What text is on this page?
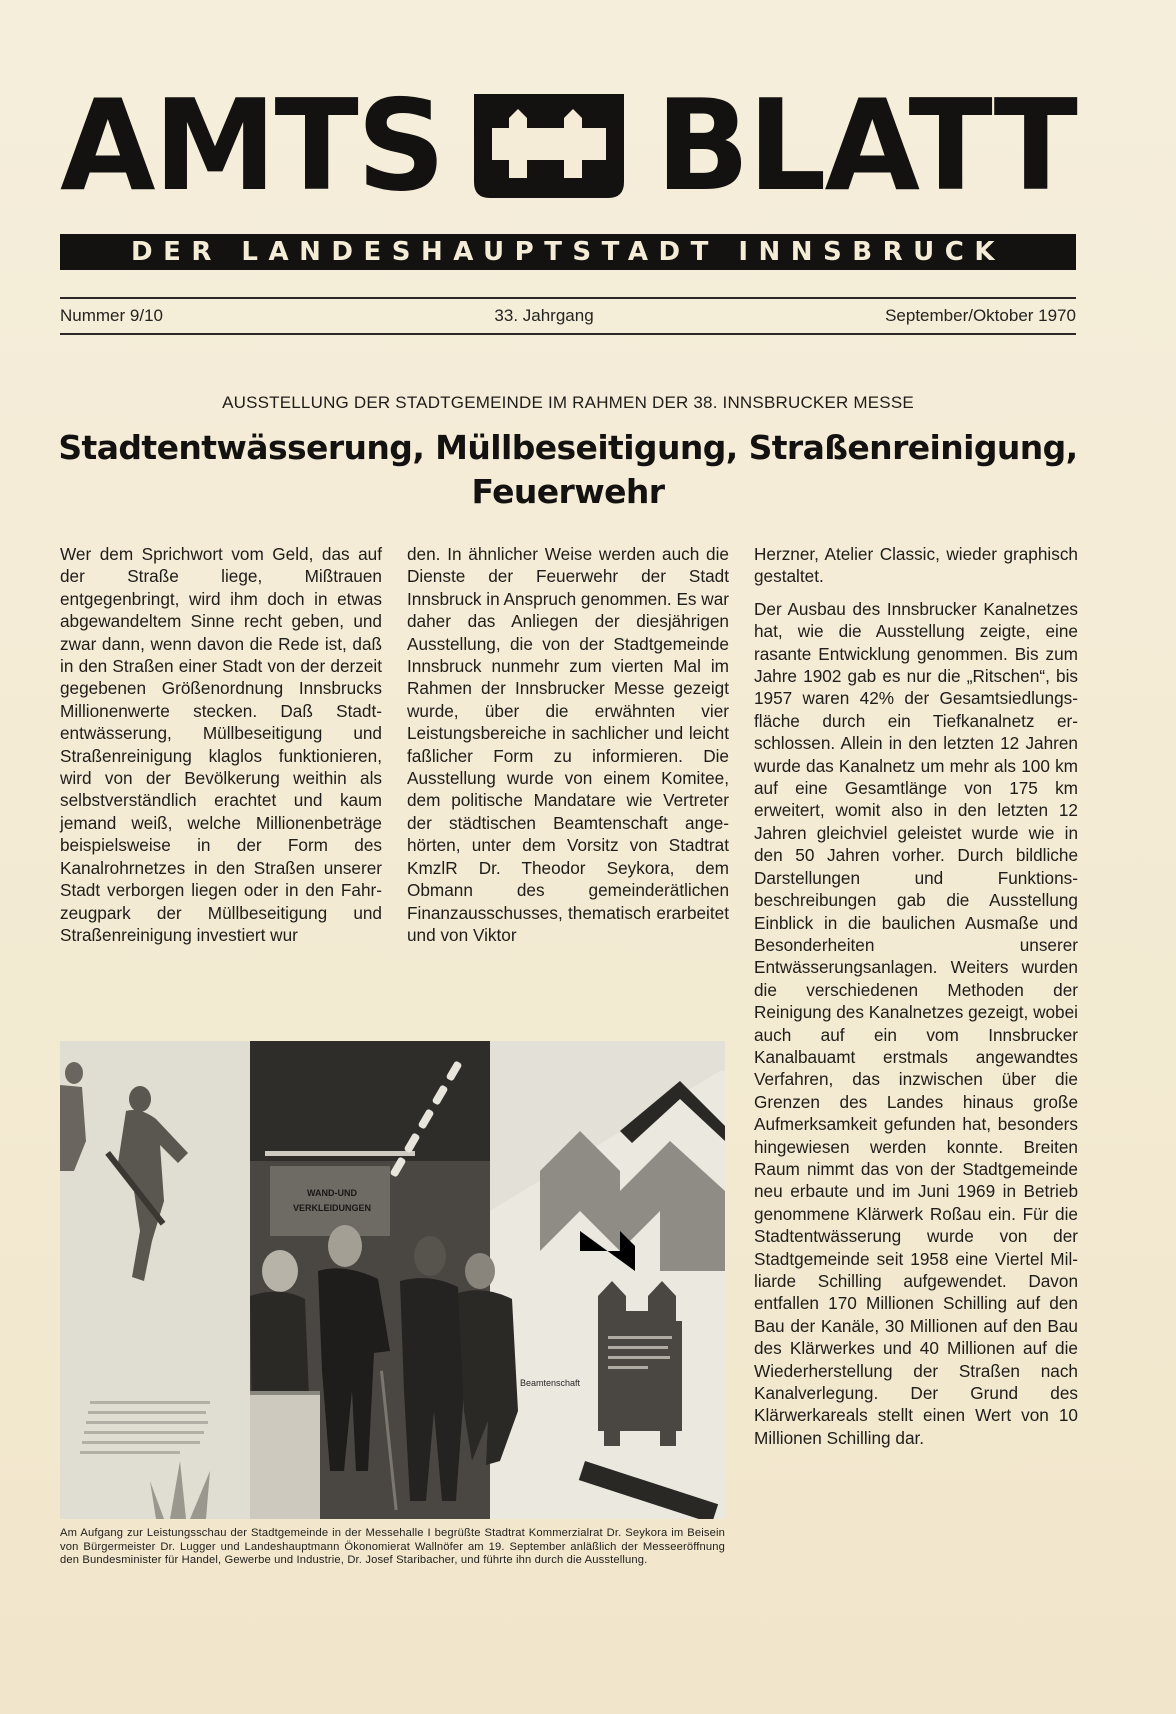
AMTS BLATT
DER LANDESHAUPTSTADT INNSBRUCK
Nummer 9/10	33. Jahrgang	September/Oktober 1970
AUSSTELLUNG DER STADTGEMEINDE IM RAHMEN DER 38. INNSBRUCKER MESSE
Stadtentwässerung, Müllbeseitigung, Straßenreinigung,
Feuerwehr

Wer dem Sprichwort vom Geld, das auf der Straße liege, Mißtrauen entgegenbringt, wird ihm doch in etwas abgewandeltem Sinne recht geben, und zwar dann, wenn davon die Rede ist, daß in den Straßen einer Stadt von der derzeit gegebenen Größenordnung Innsbrucks Millionenwerte stecken. Daß Stadtentwässerung, Müllbeseitigung und Straßenreinigung klaglos funktionieren, wird von der Bevölkerung weithin als selbstverständlich erachtet und kaum jemand weiß, welche Millionenbeträge beispielsweise in der Form des Kanalrohrnetzes in den Straßen unserer Stadt verborgen liegen oder in den Fahrzeugpark der Müllbeseitigung und Straßenreinigung investiert wur

den. In ähnlicher Weise werden auch die Dienste der Feuerwehr der Stadt Innsbruck in Anspruch genommen. Es war daher das Anliegen der diesjährigen Ausstellung, die von der Stadtgemeinde Innsbruck nunmehr zum vierten Mal im Rahmen der Innsbrucker Messe gezeigt wurde, über die erwähnten vier Leistungsbereiche in sachlicher und leicht faßlicher Form zu informieren. Die Ausstellung wurde von einem Komitee, dem politische Mandatare wie Vertreter der städtischen Beamtenschaft angehörten, unter dem Vorsitz von Stadtrat KmzlR Dr. Theodor Seykora, dem Obmann des gemeinderätlichen Finanzausschusses, thematisch erarbeitet und von Viktor

Herzner, Atelier Classic, wieder graphisch gestaltet.

Der Ausbau des Innsbrucker Kanalnetzes hat, wie die Ausstellung zeigte, eine rasante Entwicklung genommen. Bis zum Jahre 1902 gab es nur die „Ritschen“, bis 1957 waren 42% der Gesamtsiedlungsfläche durch ein Tiefkanalnetz erschlossen. Allein in den letzten 12 Jahren wurde das Kanalnetz um mehr als 100 km auf eine Gesamtlänge von 175 km erweitert, womit also in den letzten 12 Jahren gleichviel geleistet wurde wie in den 50 Jahren vorher. Durch bildliche Darstellungen und Funktionsbeschreibungen gab die Ausstellung Einblick in die baulichen Ausmaße und Besonderheiten unserer Entwässerungsanlagen. Weiters wurden die verschiedenen Methoden der Reinigung des Kanalnetzes gezeigt, wobei auch auf ein vom Innsbrucker Kanalbauamt erstmals angewandtes Verfahren, das inzwischen über die Grenzen des Landes hinaus große Aufmerksamkeit gefunden hat, besonders hingewiesen werden konnte. Breiten Raum nimmt das von der Stadtgemeinde neu erbaute und im Juni 1969 in Betrieb genommene Klärwerk Roßau ein. Für die Stadtentwässerung wurde von der Stadtgemeinde seit 1958 eine Viertel Milliarde Schilling aufgewendet. Davon entfallen 170 Millionen Schilling auf den Bau der Kanäle, 30 Millionen auf den Bau des Klärwerkes und 40 Millionen auf die Wiederherstellung der Straßen nach Kanalverlegung. Der Grund des Klärwerkareals stellt einen Wert von 10 Millionen Schilling dar.

WAND-UND
VERKLEIDUNGEN
Beamtenschaft
Am Aufgang zur Leistungsschau der Stadtgemeinde in der Messehalle I begrüßte Stadtrat Kommerzialrat Dr. Seykora im Beisein von Bürgermeister Dr. Lugger und Landeshauptmann Ökonomierat Wallnöfer am 19. September anläßlich der Messeeröffnung den Bundesminister für Handel, Gewerbe und Industrie, Dr. Josef Staribacher, und führte ihn durch die Ausstellung.
